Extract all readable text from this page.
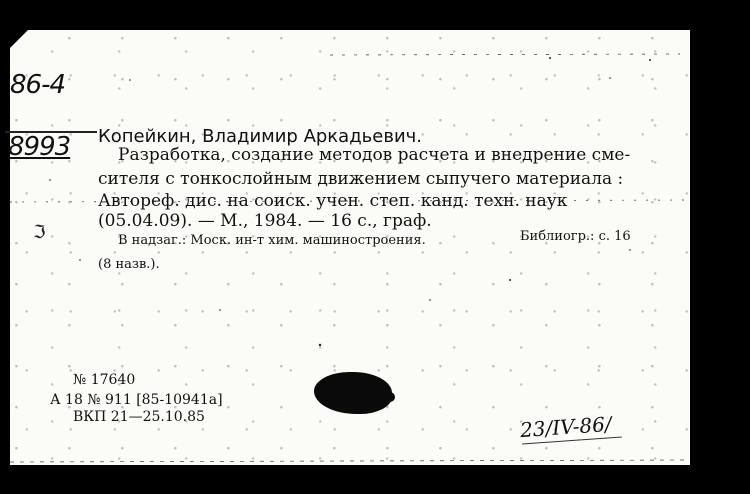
86-4
8993 Копейкин, Владимир Аркадьевич.
Разработка, создание методов расчета и внедрение сме-
сителя с тонкослойным движением сыпучего материала :
Автореф. дис. на соиск. учен. степ. канд. техн. наук
(05.04.09). — М., 1984. — 16 с., граф.
ℑ	В надзаг.: Моск. ин-т хим. машиностроения.	Библиогр.: с. 16
(8 назв.).
№ 17640
А 18 № 911 [85-10941а]
ВКП 21—25.10.85	23/IV-86/
